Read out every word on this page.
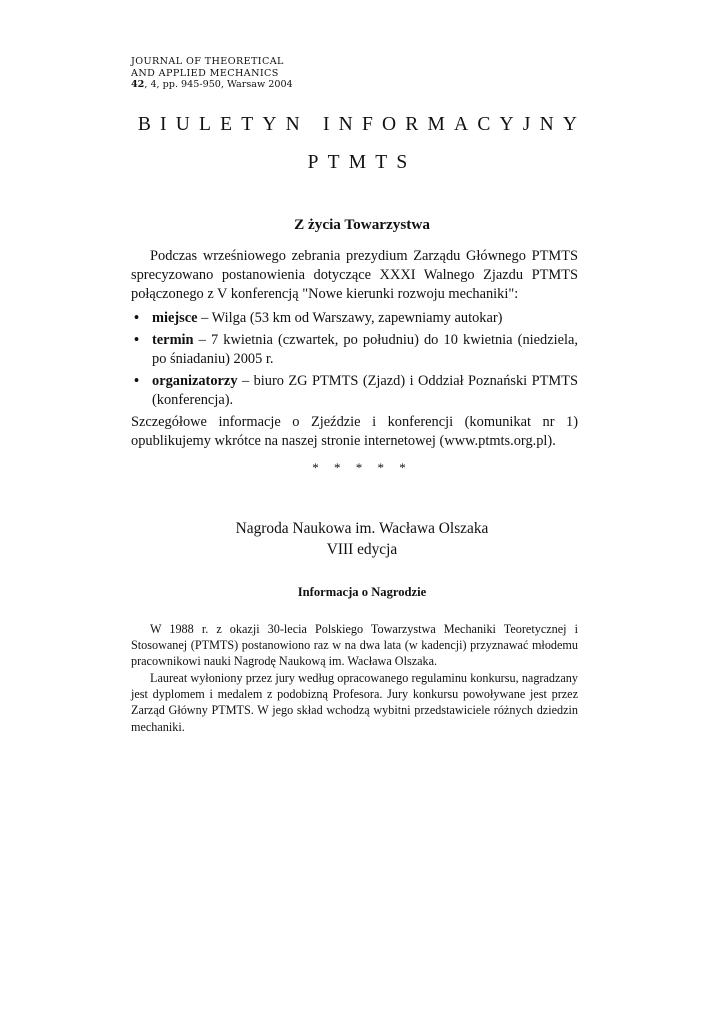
JOURNAL OF THEORETICAL
AND APPLIED MECHANICS
42, 4, pp. 945-950, Warsaw 2004
BIULETYN INFORMACYJNY
PTMTS
Z życia Towarzystwa
Podczas wrześniowego zebrania prezydium Zarządu Głównego PTMTS sprecyzowano postanowienia dotyczące XXXI Walnego Zjazdu PTMTS połączonego z V konferencją "Nowe kierunki rozwoju mechaniki":
• miejsce – Wilga (53 km od Warszawy, zapewniamy autokar)
• termin – 7 kwietnia (czwartek, po południu) do 10 kwietnia (niedziela, po śniadaniu) 2005 r.
• organizatorzy – biuro ZG PTMTS (Zjazd) i Oddział Poznański PTMTS (konferencja).
Szczegółowe informacje o Zjeździe i konferencji (komunikat nr 1) opublikujemy wkrótce na naszej stronie internetowej (www.ptmts.org.pl).
* * * * *
Nagroda Naukowa im. Wacława Olszaka
VIII edycja
Informacja o Nagrodzie
W 1988 r. z okazji 30-lecia Polskiego Towarzystwa Mechaniki Teoretycznej i Stosowanej (PTMTS) postanowiono raz w na dwa lata (w kadencji) przyznawać młodemu pracownikowi nauki Nagrodę Naukową im. Wacława Olszaka.
Laureat wyłoniony przez jury według opracowanego regulaminu konkursu, nagradzany jest dyplomem i medalem z podobizną Profesora. Jury konkursu powoływane jest przez Zarząd Główny PTMTS. W jego skład wchodzą wybitni przedstawiciele różnych dziedzin mechaniki.
